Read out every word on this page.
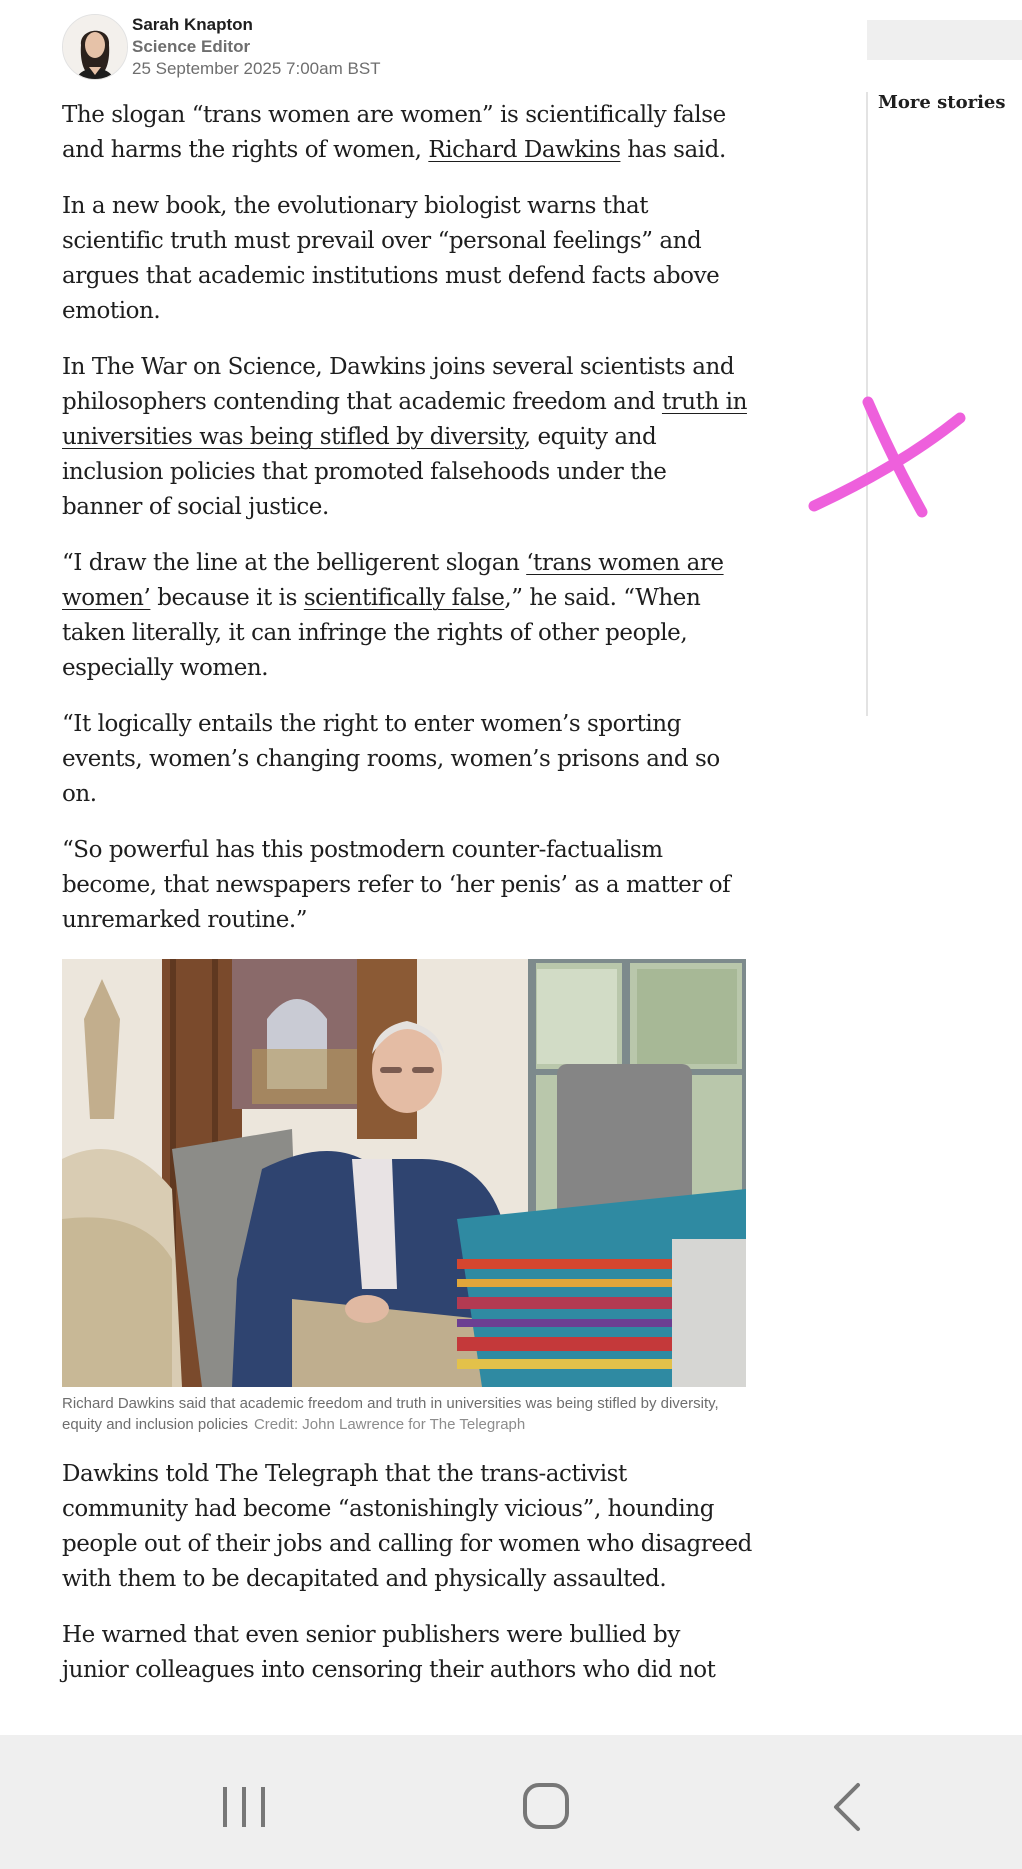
Sarah Knapton
Science Editor
25 September 2025 7:00am BST

The slogan “trans women are women” is scientifically false and harms the rights of women, Richard Dawkins has said.

In a new book, the evolutionary biologist warns that scientific truth must prevail over “personal feelings” and argues that academic institutions must defend facts above emotion.

In The War on Science, Dawkins joins several scientists and philosophers contending that academic freedom and truth in universities was being stifled by diversity, equity and inclusion policies that promoted falsehoods under the banner of social justice.

“I draw the line at the belligerent slogan ‘trans women are women’ because it is scientifically false,” he said. “When taken literally, it can infringe the rights of other people, especially women.

“It logically entails the right to enter women’s sporting events, women’s changing rooms, women’s prisons and so on.

“So powerful has this postmodern counter-factualism become, that newspapers refer to ‘her penis’ as a matter of unremarked routine.”

Richard Dawkins said that academic freedom and truth in universities was being stifled by diversity, equity and inclusion policies Credit: John Lawrence for The Telegraph

Dawkins told The Telegraph that the trans-activist community had become “astonishingly vicious”, hounding people out of their jobs and calling for women who disagreed with them to be decapitated and physically assaulted.

He warned that even senior publishers were bullied by junior colleagues into censoring their authors who did not

More stories
